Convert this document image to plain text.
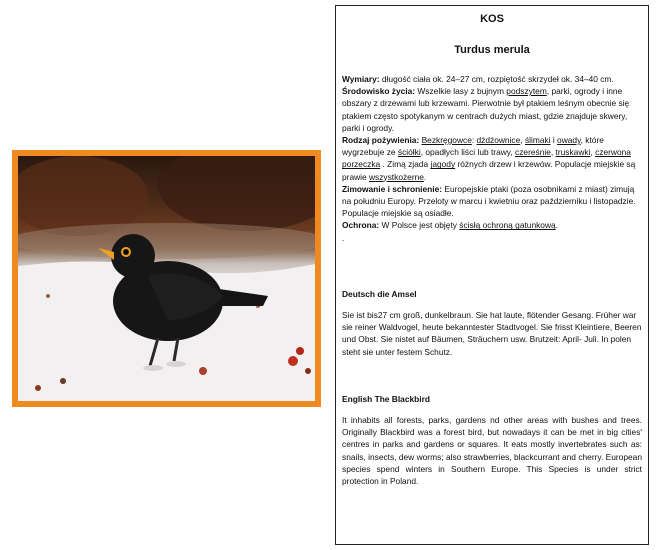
KOS
Turdus merula

Wymiary: długość ciała ok. 24–27 cm, rozpiętość skrzydeł ok. 34–40 cm.

Środowisko życia: Wszelkie lasy z bujnym podszytem, parki, ogrody i inne obszary z drzewami lub krzewami. Pierwotnie był ptakiem leśnym obecnie się ptakiem często spotykanym w centrach dużych miast, gdzie znajduje skwery, parki i ogrody.

Rodzaj pożywienia: Bezkręgowce: dżdżownice, ślimaki i owady, które wygrzebuje ze ściółki, opadłych liści lub trawy, czereśnie, truskawki, czerwona porzeczka . Zimą zjada jagody różnych drzew i krzewów. Populacje miejskie są prawie wszystkożerne.

Zimowanie i schronienie: Europejskie ptaki (poza osobnikami z miast) zimują na południu Europy. Przeloty w marcu i kwietniu oraz październiku i listopadzie. Populacje miejskie są osiadłe.

Ochrona: W Polsce jest objęty ścisłą ochroną gatunkową.

.

Deutsch die Amsel

Sie ist bis27 cm groß, dunkelbraun. Sie hat laute, flötender Gesang. Früher war sie reiner Waldvogel, heute bekanntester Stadtvogel. Sie frisst Kleintiere, Beeren und Obst. Sie nistet auf Bäumen, Sträuchern usw. Brutzeit: April- Juli. In polen steht sie unter festem Schutz.

English The Blackbird

It inhabits all forests, parks, gardens nd other areas with bushes and trees. Originally Blackbird was a forest bird, but nowadays it can be met in big cities' centres in parks and gardens or squares. It eats mostly invertebrates such as: snails, insects, dew worms; also strawberries, blackcurrant and cherry. European species spend winters in Southern Europe. This Species is under strict protection in Poland.
